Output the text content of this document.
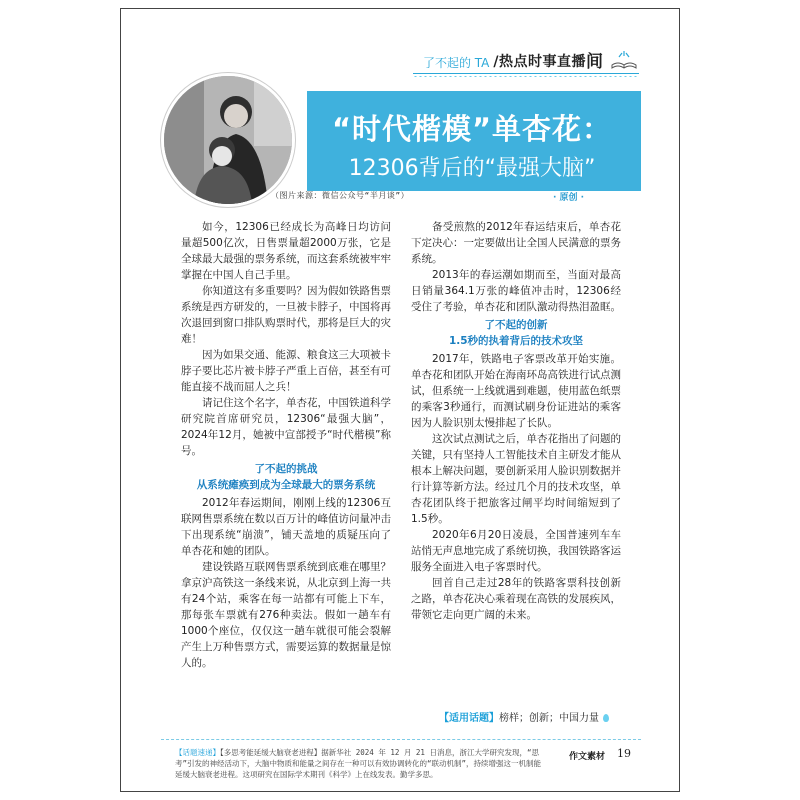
了不起的 TA /热点时事直播 间
“时代楷模”单杏花：
12306背后的“最强大脑”
（图片来源：微信公众号“半月谈”）	· 原创 ·

如今，12306已经成长为高峰日均访问量超500亿次，日售票量超2000万张，它是全球最大最强的票务系统，而这套系统被牢牢掌握在中国人自己手里。

你知道这有多重要吗？因为假如铁路售票系统是西方研发的，一旦被卡脖子，中国将再次退回到窗口排队购票时代，那将是巨大的灾难！

因为如果交通、能源、粮食这三大项被卡脖子要比芯片被卡脖子严重上百倍，甚至有可能直接不战而屈人之兵！

请记住这个名字，单杏花，中国铁道科学研究院首席研究员，12306“最强大脑”，2024年12月，她被中宣部授予“时代楷模”称号。

了不起的挑战
从系统瘫痪到成为全球最大的票务系统

2012年春运期间，刚刚上线的12306互联网售票系统在数以百万计的峰值访问量冲击下出现系统“崩溃”，铺天盖地的质疑压向了单杏花和她的团队。

建设铁路互联网售票系统到底难在哪里？拿京沪高铁这一条线来说，从北京到上海一共有24个站，乘客在每一站都有可能上下车，那每张车票就有276种卖法。假如一趟车有1000个座位，仅仅这一趟车就很可能会裂解产生上万种售票方式，需要运算的数据量是惊人的。

备受煎熬的2012年春运结束后，单杏花下定决心：一定要做出让全国人民满意的票务系统。

2013年的春运潮如期而至，当面对最高日销量364.1万张的峰值冲击时，12306经受住了考验，单杏花和团队激动得热泪盈眶。

了不起的创新
1.5秒的执着背后的技术攻坚

2017年，铁路电子客票改革开始实施。单杏花和团队开始在海南环岛高铁进行试点测试，但系统一上线就遇到难题，使用蓝色纸票的乘客3秒通行，而测试刷身份证进站的乘客因为人脸识别太慢排起了长队。

这次试点测试之后，单杏花指出了问题的关键，只有坚持人工智能技术自主研发才能从根本上解决问题，要创新采用人脸识别数据并行计算等新方法。经过几个月的技术攻坚，单杏花团队终于把旅客过闸平均时间缩短到了1.5秒。

2020年6月20日凌晨，全国普速列车车站悄无声息地完成了系统切换，我国铁路客运服务全面进入电子客票时代。

回首自己走过28年的铁路客票科技创新之路，单杏花决心乘着现在高铁的发展疾风，带领它走向更广阔的未来。

【适用话题】榜样；创新；中国力量
【话题速递】【多思考能延缓大脑衰老进程】据新华社 2024 年 12 月 21 日消息，浙江大学研究发现，“思考”引发的神经活动下，大脑中物质和能量之间存在一种可以有效协调转化的“联动机制”，持续增强这一机制能延缓大脑衰老进程。这项研究在国际学术期刊《科学》上在线发表。勤学多思。
作文素材 19
